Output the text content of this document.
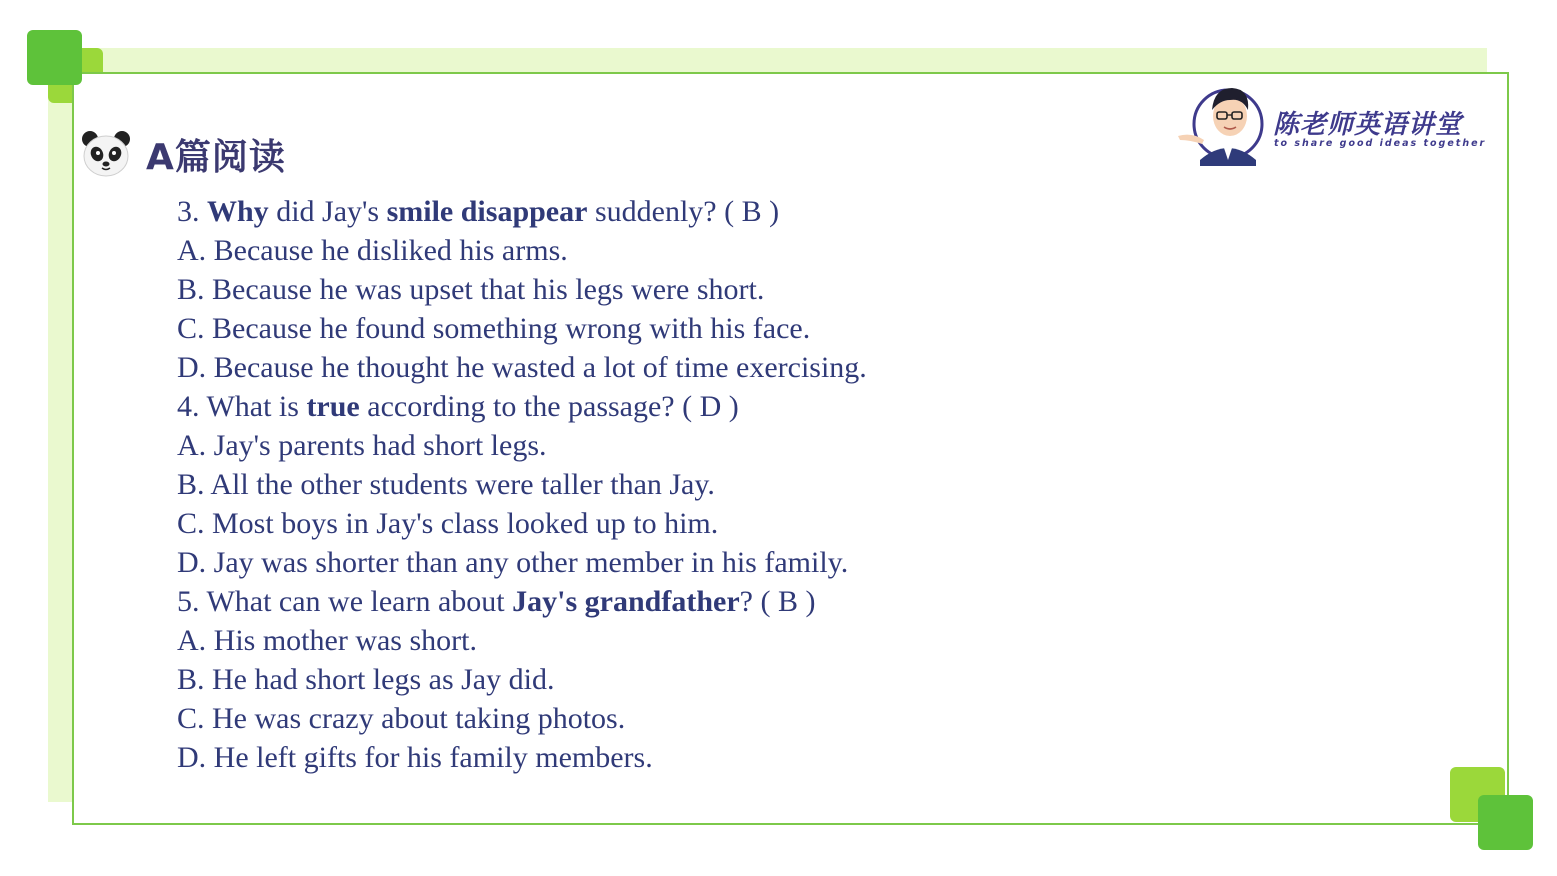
A篇阅读
陈老师英语讲堂
to share good ideas together
3. Why did Jay's smile disappear suddenly? ( B )
A. Because he disliked his arms.
B. Because he was upset that his legs were short.
C. Because he found something wrong with his face.
D. Because he thought he wasted a lot of time exercising.
4. What is true according to the passage? ( D )
A. Jay's parents had short legs.
B. All the other students were taller than Jay.
C. Most boys in Jay's class looked up to him.
D. Jay was shorter than any other member in his family.
5. What can we learn about Jay's grandfather? ( B )
A. His mother was short.
B. He had short legs as Jay did.
C. He was crazy about taking photos.
D. He left gifts for his family members.
